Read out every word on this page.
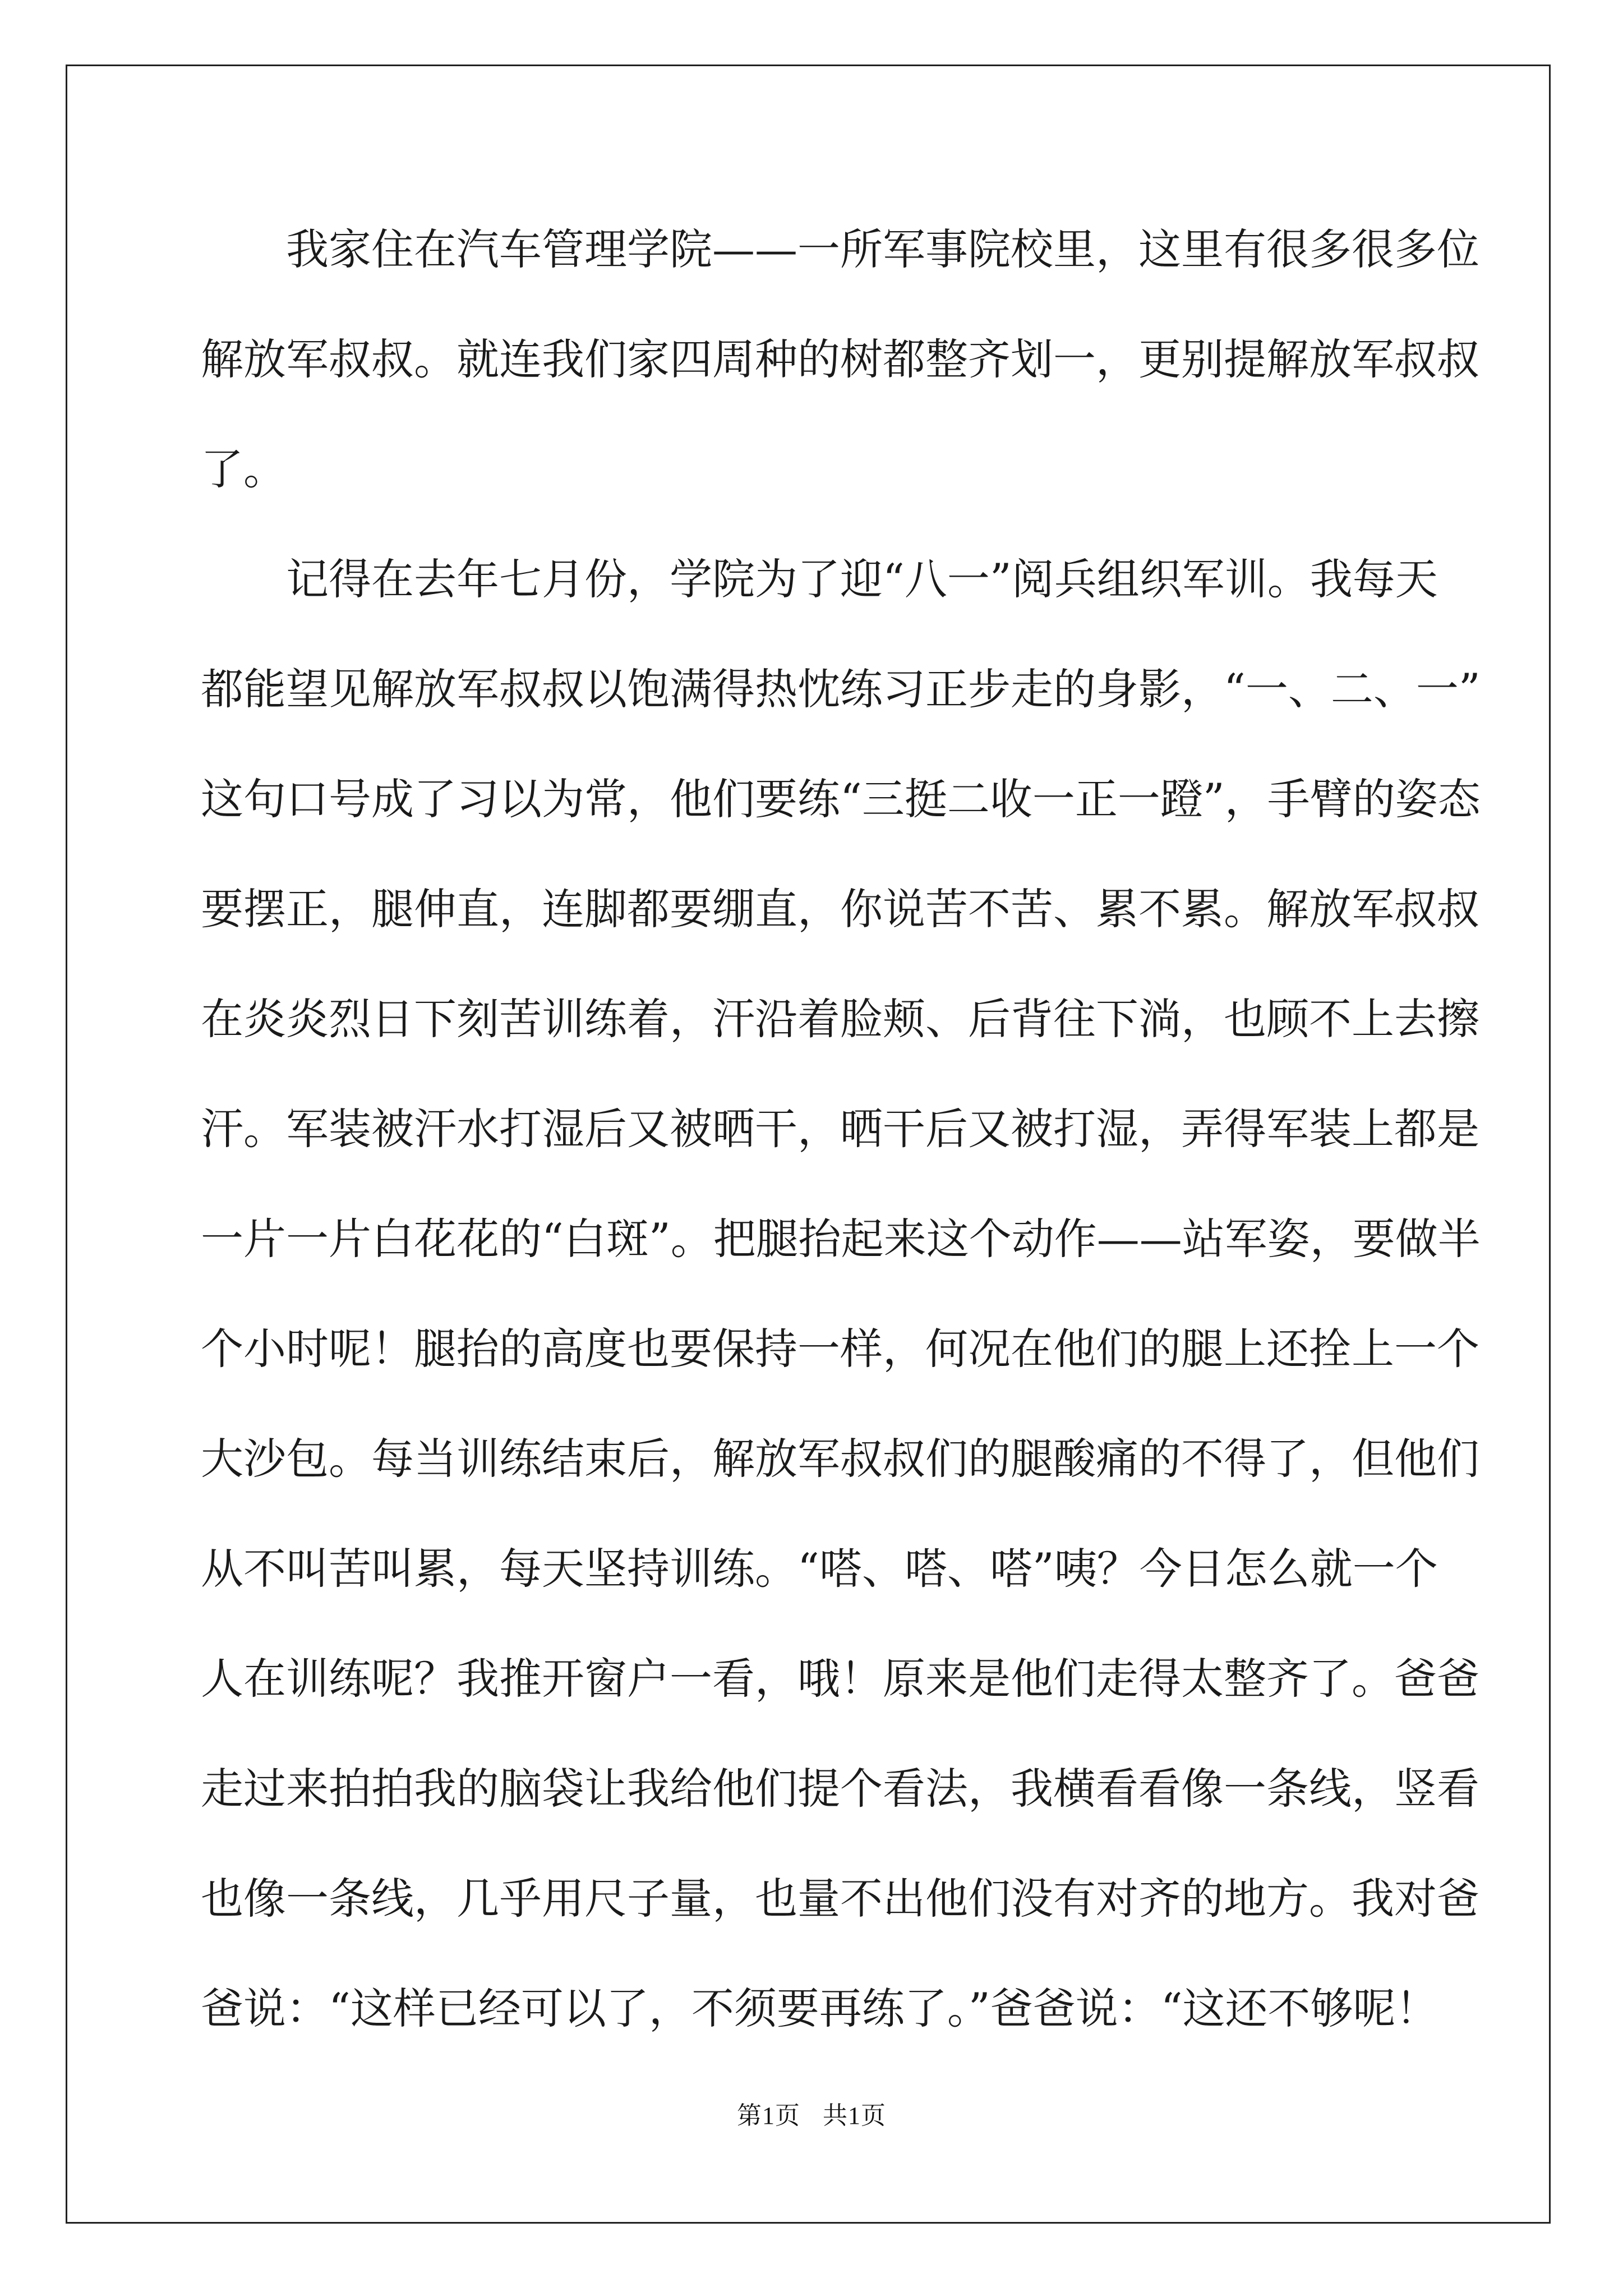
我家住在汽车管理学院——一所军事院校里，这里有很多很多位
解放军叔叔。就连我们家四周种的树都整齐划一，更别提解放军叔叔
了。
记得在去年七月份，学院为了迎“八一”阅兵组织军训。我每天
都能望见解放军叔叔以饱满得热忱练习正步走的身影，“一、二、一”
这句口号成了习以为常，他们要练“三挺二收一正一蹬”，手臂的姿态
要摆正，腿伸直，连脚都要绷直，你说苦不苦、累不累。解放军叔叔
在炎炎烈日下刻苦训练着，汗沿着脸颊、后背往下淌，也顾不上去擦
汗。军装被汗水打湿后又被晒干，晒干后又被打湿，弄得军装上都是
一片一片白花花的“白斑”。把腿抬起来这个动作——站军姿，要做半
个小时呢！腿抬的高度也要保持一样，何况在他们的腿上还拴上一个
大沙包。每当训练结束后，解放军叔叔们的腿酸痛的不得了，但他们
从不叫苦叫累，每天坚持训练。“嗒、嗒、嗒”咦？今日怎么就一个
人在训练呢？我推开窗户一看，哦！原来是他们走得太整齐了。爸爸
走过来拍拍我的脑袋让我给他们提个看法，我横看看像一条线，竖看
也像一条线，几乎用尺子量，也量不出他们没有对齐的地方。我对爸
爸说：“这样已经可以了，不须要再练了。”爸爸说：“这还不够呢！
第1页 共1页
